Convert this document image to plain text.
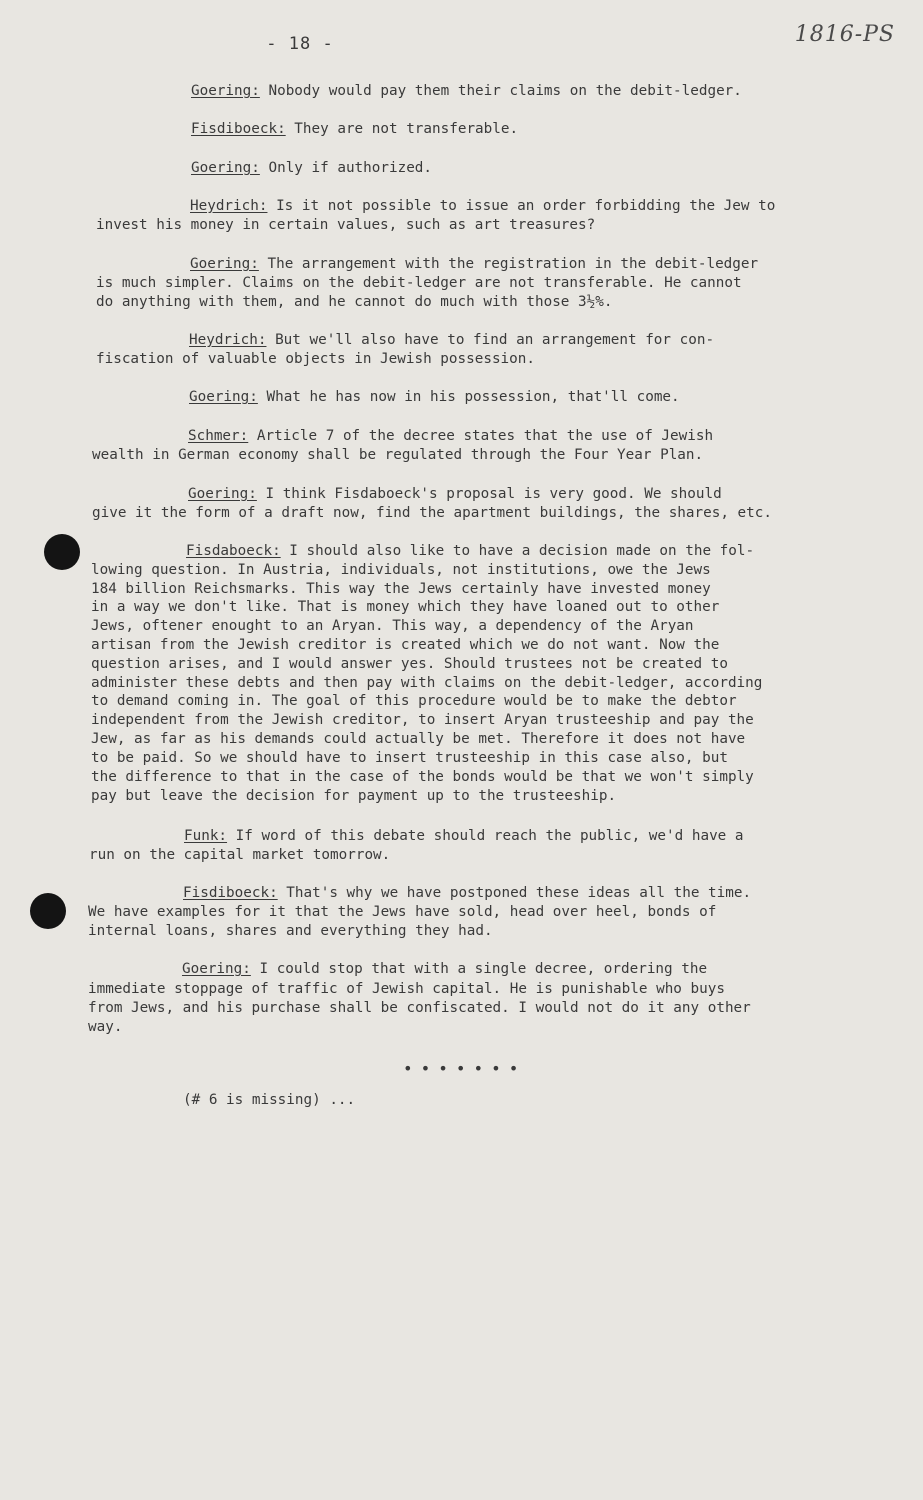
- 18 -	1816-PS
Goering: Nobody would pay them their claims on the debit-ledger.
Fisdiboeck: They are not transferable.
Goering: Only if authorized.
Heydrich: Is it not possible to issue an order forbidding the Jew to
invest his money in certain values, such as art treasures?
Goering: The arrangement with the registration in the debit-ledger
is much simpler. Claims on the debit-ledger are not transferable. He cannot
do anything with them, and he cannot do much with those 3½%.
Heydrich: But we'll also have to find an arrangement for con-
fiscation of valuable objects in Jewish possession.
Goering: What he has now in his possession, that'll come.
Schmer: Article 7 of the decree states that the use of Jewish
wealth in German economy shall be regulated through the Four Year Plan.
Goering: I think Fisdaboeck's proposal is very good. We should
give it the form of a draft now, find the apartment buildings, the shares, etc.
Fisdaboeck: I should also like to have a decision made on the fol-
lowing question. In Austria, individuals, not institutions, owe the Jews
184 billion Reichsmarks. This way the Jews certainly have invested money
in a way we don't like. That is money which they have loaned out to other
Jews, oftener enought to an Aryan. This way, a dependency of the Aryan
artisan from the Jewish creditor is created which we do not want. Now the
question arises, and I would answer yes. Should trustees not be created to
administer these debts and then pay with claims on the debit-ledger, according
to demand coming in. The goal of this procedure would be to make the debtor
independent from the Jewish creditor, to insert Aryan trusteeship and pay the
Jew, as far as his demands could actually be met. Therefore it does not have
to be paid. So we should have to insert trusteeship in this case also, but
the difference to that in the case of the bonds would be that we won't simply
pay but leave the decision for payment up to the trusteeship.
Funk: If word of this debate should reach the public, we'd have a
run on the capital market tomorrow.
Fisdiboeck: That's why we have postponed these ideas all the time.
We have examples for it that the Jews have sold, head over heel, bonds of
internal loans, shares and everything they had.
Goering: I could stop that with a single decree, ordering the
immediate stoppage of traffic of Jewish capital. He is punishable who buys
from Jews, and his purchase shall be confiscated. I would not do it any other
way.
•••••••
(# 6 is missing) ...
